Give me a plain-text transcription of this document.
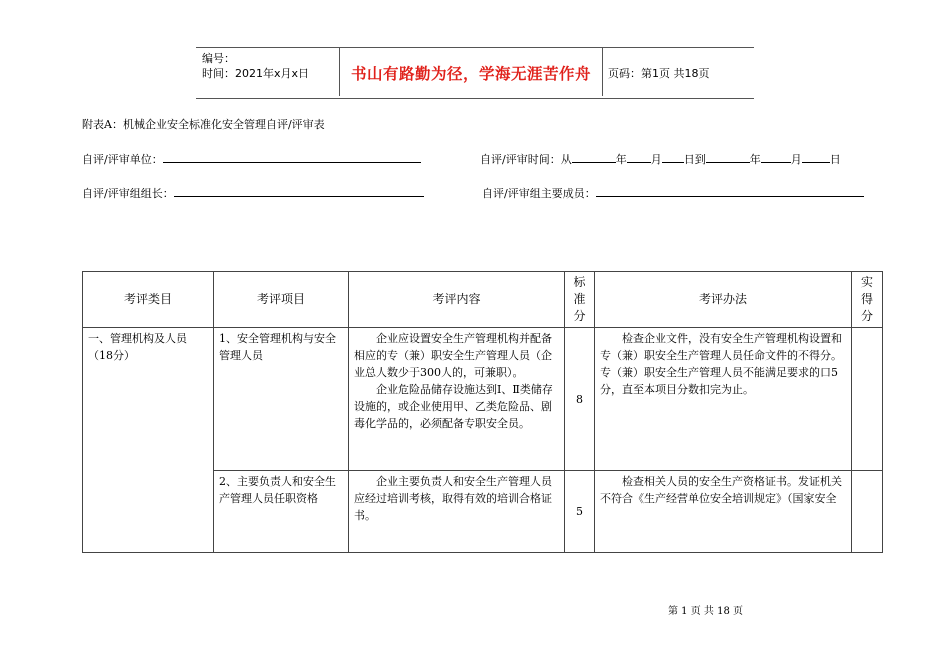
编号：
时间：2021年x月x日	书山有路勤为径，学海无涯苦作舟	页码：第1页 共18页
附表A：机械企业安全标准化安全管理自评/评审表
自评/评审单位：	自评/评审时间：从	年 月 日到	年	月	日
自评/评审组组长：	自评/评审组主要成员：
考评类目	考评项目	考评内容	标准分	考评办法	实得分
一、管理机构及人员（18分）	1、安全管理机构与安全管理人员	企业应设置安全生产管理机构并配备相应的专（兼）职安全生产管理人员（企业总人数少于300人的，可兼职）。

企业危险品储存设施达到Ⅰ、Ⅱ类储存设施的，或企业使用甲、乙类危险品、剧毒化学品的，必须配备专职安全员。	8	检查企业文件，没有安全生产管理机构设置和专（兼）职安全生产管理人员任命文件的不得分。专（兼）职安全生产管理人员不能满足要求的口5分，直至本项目分数扣完为止。	

	2、主要负责人和安全生产管理人员任职资格	企业主要负责人和安全生产管理人员应经过培训考核，取得有效的培训合格证书。	5	检查相关人员的安全生产资格证书。发证机关不符合《生产经营单位安全培训规定》（国家安全	

第 1 页 共 18 页
